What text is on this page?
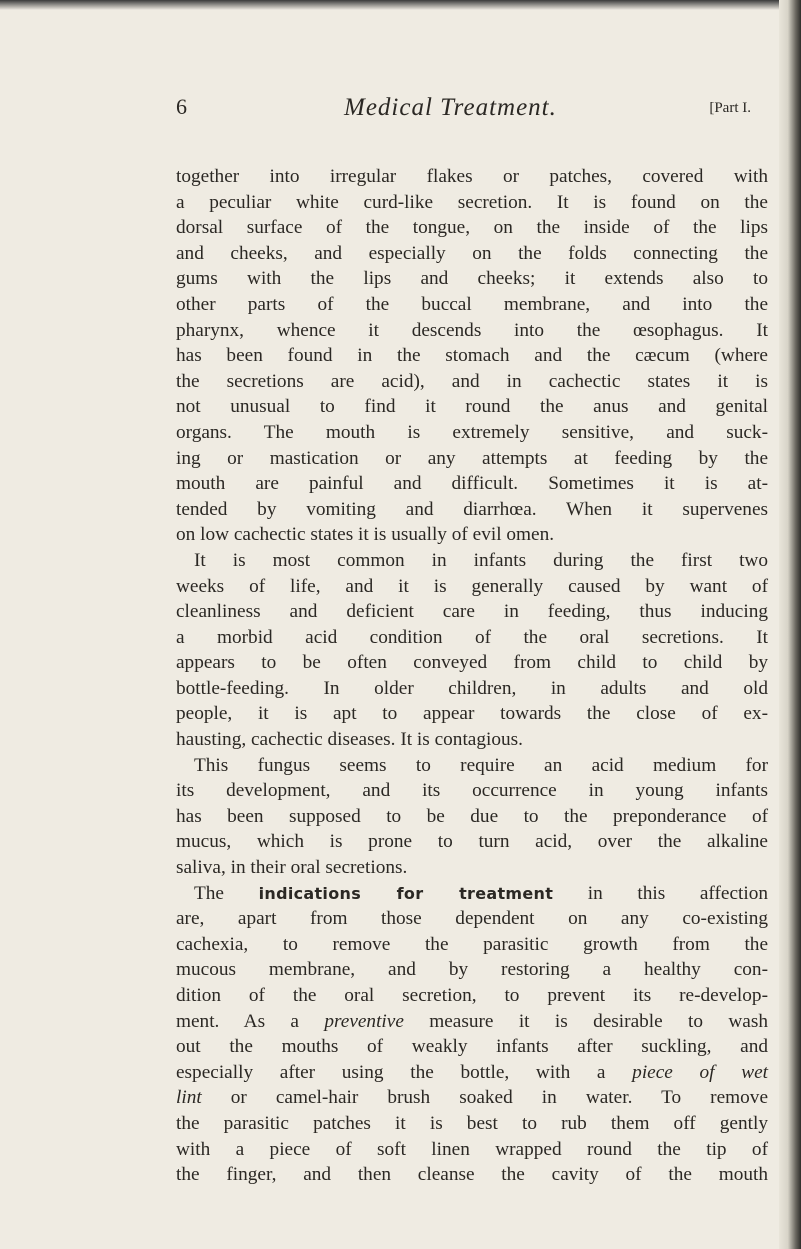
6	Medical Treatment.	[Part I.
together into irregular flakes or patches, covered with
a peculiar white curd-like secretion. It is found on the
dorsal surface of the tongue, on the inside of the lips
and cheeks, and especially on the folds connecting the
gums with the lips and cheeks; it extends also to
other parts of the buccal membrane, and into the
pharynx, whence it descends into the œsophagus. It
has been found in the stomach and the cæcum (where
the secretions are acid), and in cachectic states it is
not unusual to find it round the anus and genital
organs. The mouth is extremely sensitive, and suck-
ing or mastication or any attempts at feeding by the
mouth are painful and difficult. Sometimes it is at-
tended by vomiting and diarrhœa. When it supervenes
on low cachectic states it is usually of evil omen.
It is most common in infants during the first two
weeks of life, and it is generally caused by want of
cleanliness and deficient care in feeding, thus inducing
a morbid acid condition of the oral secretions. It
appears to be often conveyed from child to child by
bottle-feeding. In older children, in adults and old
people, it is apt to appear towards the close of ex-
hausting, cachectic diseases. It is contagious.
This fungus seems to require an acid medium for
its development, and its occurrence in young infants
has been supposed to be due to the preponderance of
mucus, which is prone to turn acid, over the alkaline
saliva, in their oral secretions.
The indications for treatment in this affection
are, apart from those dependent on any co-existing
cachexia, to remove the parasitic growth from the
mucous membrane, and by restoring a healthy con-
dition of the oral secretion, to prevent its re-develop-
ment. As a preventive measure it is desirable to wash
out the mouths of weakly infants after suckling, and
especially after using the bottle, with a piece of wet
lint or camel-hair brush soaked in water. To remove
the parasitic patches it is best to rub them off gently
with a piece of soft linen wrapped round the tip of
the finger, and then cleanse the cavity of the mouth
